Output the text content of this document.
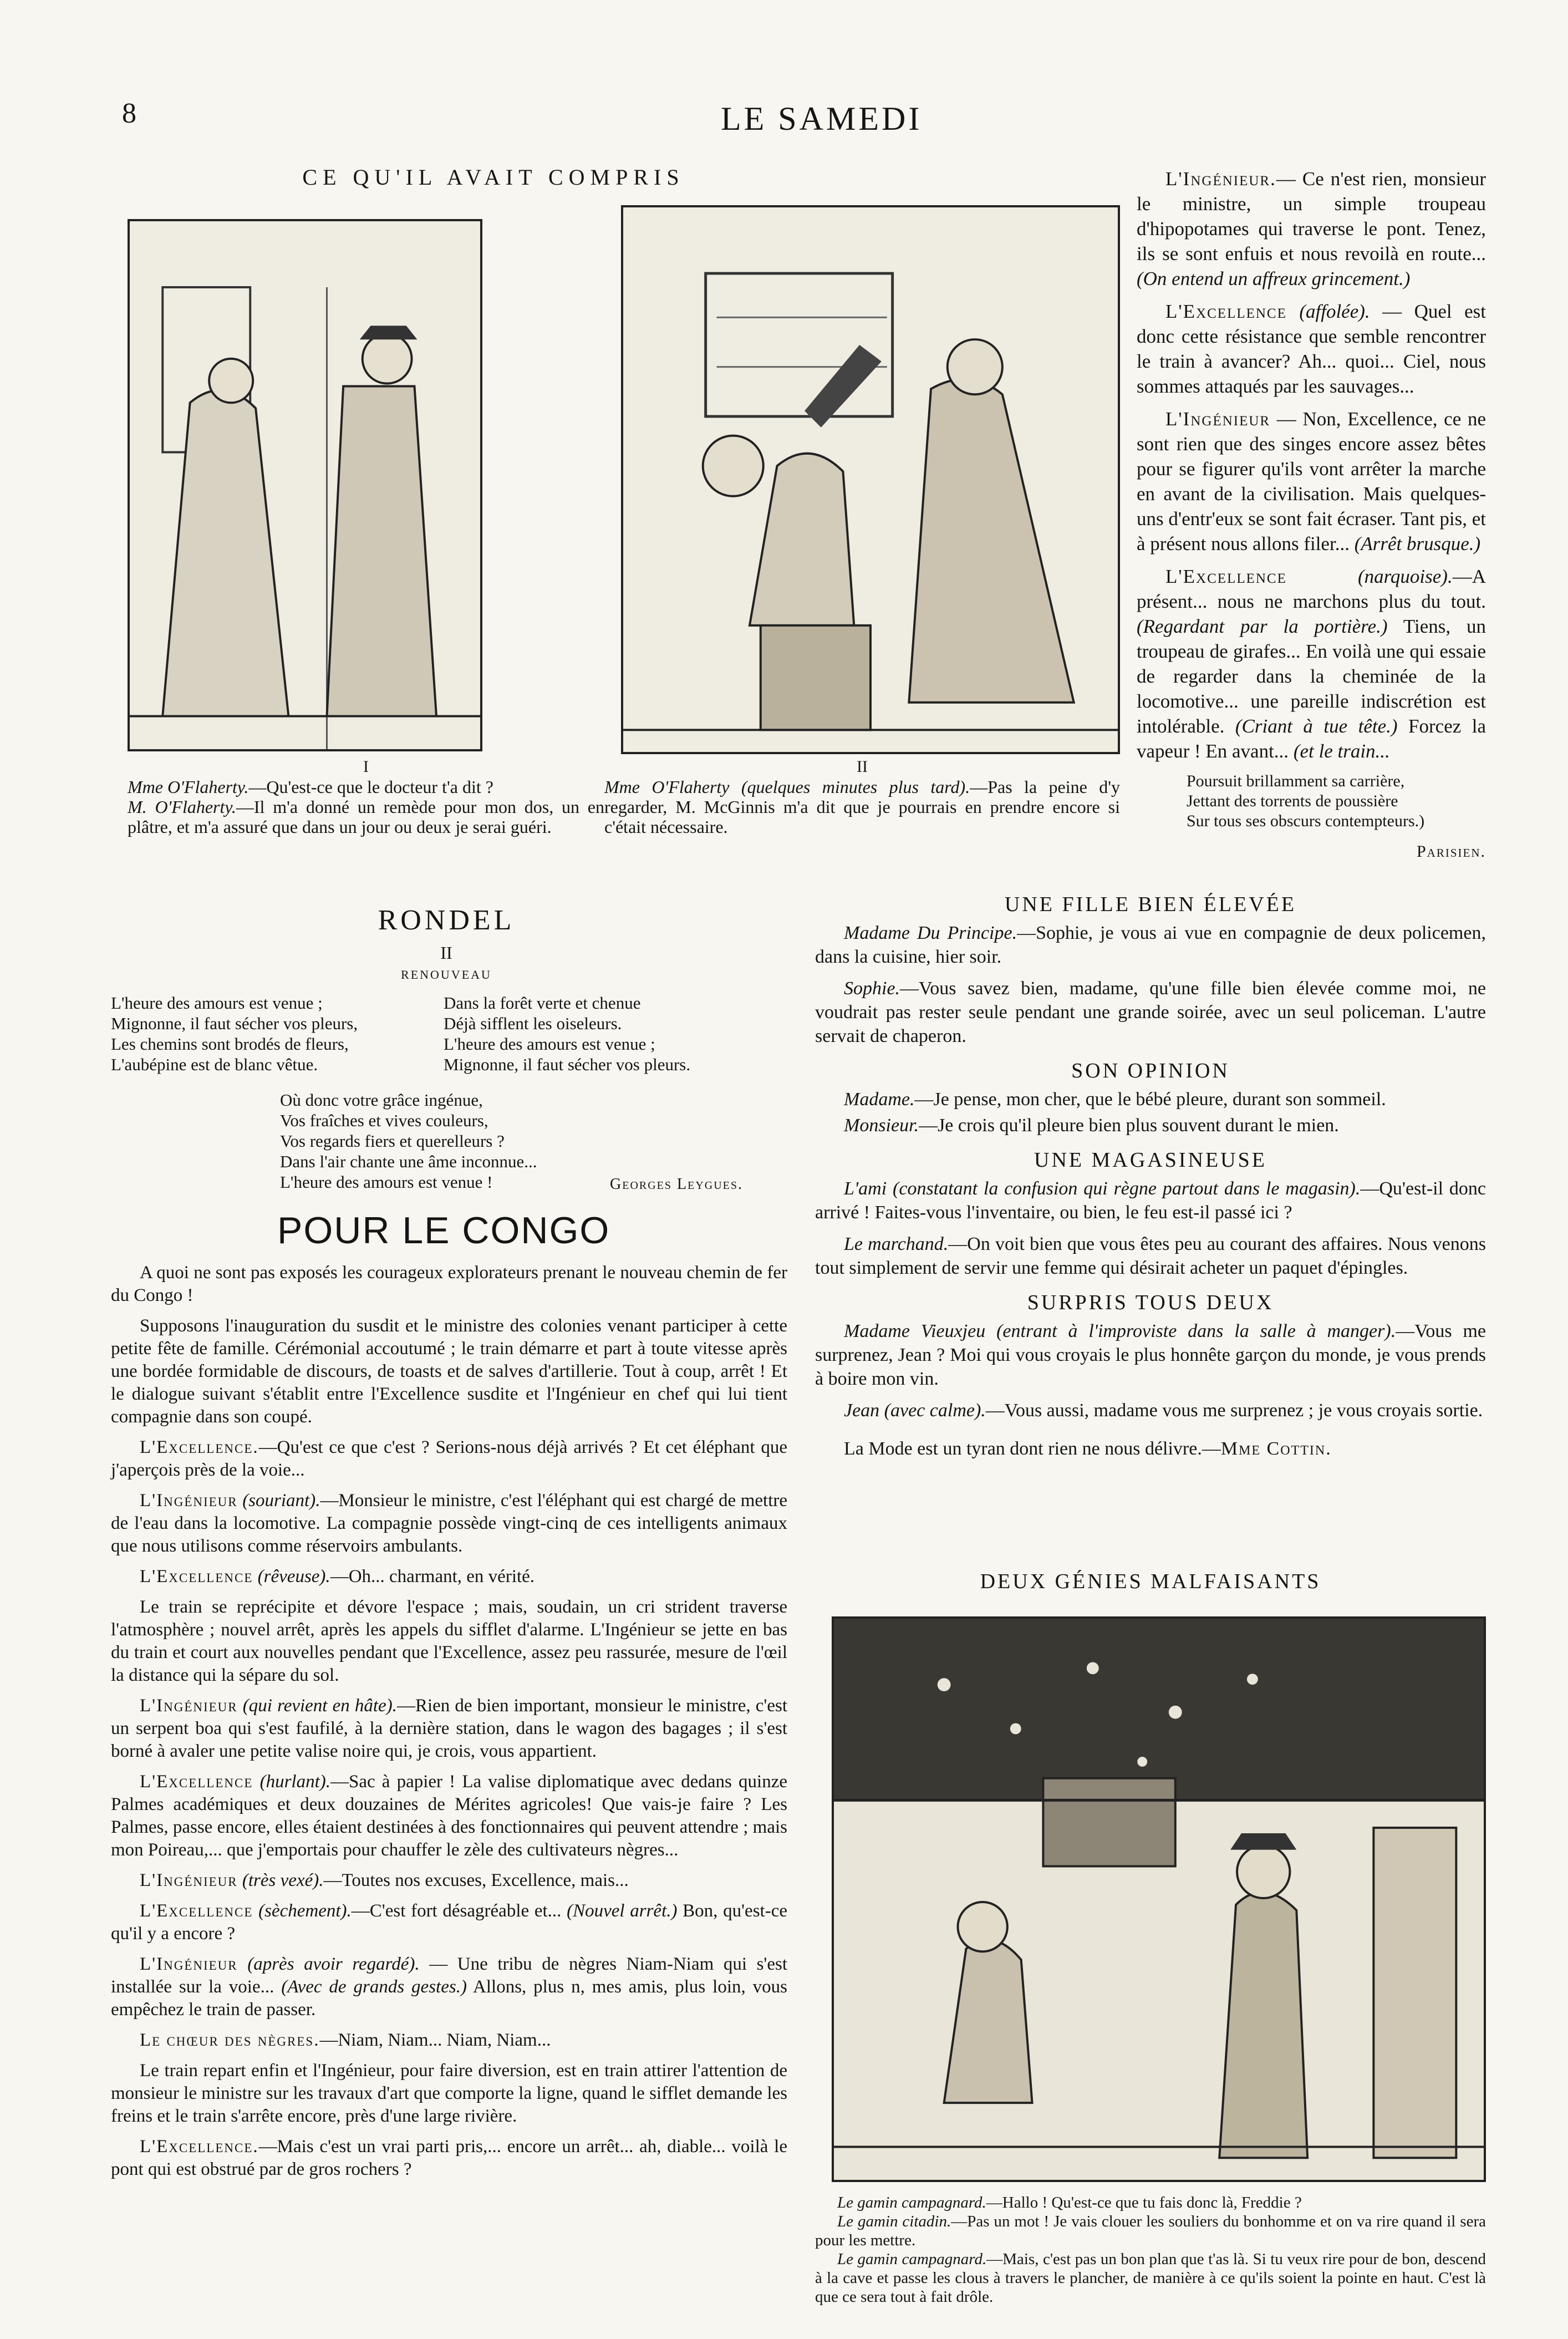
8	LE SAMEDI
CE QU'IL AVAIT COMPRIS
I
Mme O'Flaherty.—Qu'est-ce que le docteur t'a dit ?
M. O'Flaherty.—Il m'a donné un remède pour mon dos, un en plâtre, et m'a assuré que dans un jour ou deux je serai guéri.
II
Mme O'Flaherty (quelques minutes plus tard).—Pas la peine d'y regarder, M. McGinnis m'a dit que je pourrais en prendre encore si c'était nécessaire.

L'Ingénieur.— Ce n'est rien, monsieur le ministre, un simple troupeau d'hipopotames qui traverse le pont. Tenez, ils se sont enfuis et nous revoilà en route... (On entend un affreux grincement.)

L'Excellence (affolée). — Quel est donc cette résistance que semble rencontrer le train à avancer? Ah... quoi... Ciel, nous sommes attaqués par les sauvages...

L'Ingénieur — Non, Excellence, ce ne sont rien que des singes encore assez bêtes pour se figurer qu'ils vont arrêter la marche en avant de la civilisation. Mais quelques-uns d'entr'eux se sont fait écraser. Tant pis, et à présent nous allons filer... (Arrêt brusque.)

L'Excellence	(narquoise).—A présent... nous ne marchons plus du tout. (Regardant par la portière.) Tiens, un troupeau de girafes... En voilà une qui essaie de regarder dans la cheminée de la locomotive... une pareille indiscrétion est intolérable. (Criant à tue tête.) Forcez la vapeur ! En avant... (et le train...

Poursuit brillamment sa carrière,
Jettant des torrents de poussière
Sur tous ses obscurs contempteurs.)
Parisien.
RONDEL
II
RENOUVEAU
L'heure des amours est venue ;
Mignonne, il faut sécher vos pleurs,
Les chemins sont brodés de fleurs,
L'aubépine est de blanc vêtue.
Dans la forêt verte et chenue
Déjà sifflent les oiseleurs.
L'heure des amours est venue ;
Mignonne, il faut sécher vos pleurs.
Où donc votre grâce ingénue,
Vos fraîches et vives couleurs,
Vos regards fiers et querelleurs ?
Dans l'air chante une âme inconnue...
L'heure des amours est venue !	Georges Leygues.
POUR LE CONGO

A quoi ne sont pas exposés les courageux explorateurs prenant le nouveau chemin de fer du Congo !

Supposons l'inauguration du susdit et le ministre des colonies venant participer à cette petite fête de famille. Cérémonial accoutumé ; le train démarre et part à toute vitesse après une bordée formidable de discours, de toasts et de salves d'artillerie. Tout à coup, arrêt ! Et le dialogue suivant s'établit entre l'Excellence susdite et l'Ingénieur en chef qui lui tient compagnie dans son coupé.

L'Excellence.—Qu'est ce que c'est ? Serions-nous déjà arrivés ? Et cet éléphant que j'aperçois près de la voie...

L'Ingénieur (souriant).—Monsieur le ministre, c'est l'éléphant qui est chargé de mettre de l'eau dans la locomotive. La compagnie possède vingt-cinq de ces intelligents animaux que nous utilisons comme réservoirs ambulants.

L'Excellence (rêveuse).—Oh... charmant, en vérité.

Le train se reprécipite et dévore l'espace ; mais, soudain, un cri strident traverse l'atmosphère ; nouvel arrêt, après les appels du sifflet d'alarme. L'Ingénieur se jette en bas du train et court aux nouvelles pendant que l'Excellence, assez peu rassurée, mesure de l'œil la distance qui la sépare du sol.

L'Ingénieur (qui revient en hâte).—Rien de bien important, monsieur le ministre, c'est un serpent boa qui s'est faufilé, à la dernière station, dans le wagon des bagages ; il s'est borné à avaler une petite valise noire qui, je crois, vous appartient.

L'Excellence (hurlant).—Sac à papier ! La valise diplomatique avec dedans quinze Palmes académiques et deux douzaines de Mérites agricoles! Que vais-je faire ? Les Palmes, passe encore, elles étaient destinées à des fonctionnaires qui peuvent attendre ; mais mon Poireau,... que j'emportais pour chauffer le zèle des cultivateurs nègres...

L'Ingénieur (très vexé).—Toutes nos excuses, Excellence, mais...

L'Excellence (sèchement).—C'est fort désagréable et... (Nouvel arrêt.) Bon, qu'est-ce qu'il y a encore ?

L'Ingénieur (après avoir regardé). — Une tribu de nègres Niam-Niam qui s'est installée sur la voie... (Avec de grands gestes.) Allons, plus n, mes amis, plus loin, vous empêchez le train de passer.

Le chœur des nègres.—Niam, Niam... Niam, Niam...

Le train repart enfin et l'Ingénieur, pour faire diversion, est en train attirer l'attention de monsieur le ministre sur les travaux d'art que comporte la ligne, quand le sifflet demande les freins et le train s'arrête encore, près d'une large rivière.

L'Excellence.—Mais c'est un vrai parti pris,... encore un arrêt... ah, diable... voilà le pont qui est obstrué par de gros rochers ?

UNE FILLE BIEN ÉLEVÉE

Madame Du Principe.—Sophie, je vous ai vue en compagnie de deux policemen, dans la cuisine, hier soir.

Sophie.—Vous savez bien, madame, qu'une fille bien élevée comme moi, ne voudrait pas rester seule pendant une grande soirée, avec un seul policeman. L'autre servait de chaperon.

SON OPINION

Madame.—Je pense, mon cher, que le bébé pleure, durant son sommeil.

Monsieur.—Je crois qu'il pleure bien plus souvent durant le mien.

UNE MAGASINEUSE

L'ami (constatant la confusion qui règne partout dans le magasin).—Qu'est-il donc arrivé ! Faites-vous l'inventaire, ou bien, le feu est-il passé ici ?

Le marchand.—On voit bien que vous êtes peu au courant des affaires. Nous venons tout simplement de servir une femme qui désirait acheter un paquet d'épingles.

SURPRIS TOUS DEUX

Madame Vieuxjeu (entrant à l'improviste dans la salle à manger).—Vous me surprenez, Jean ? Moi qui vous croyais le plus honnête garçon du monde, je vous prends à boire mon vin.

Jean (avec calme).—Vous aussi, madame vous me surprenez ; je vous croyais sortie.

La Mode est un tyran dont rien ne nous délivre.—Mme Cottin.

DEUX GÉNIES MALFAISANTS
Le gamin campagnard.—Hallo ! Qu'est-ce que tu fais donc là, Freddie ?
Le gamin citadin.—Pas un mot ! Je vais clouer les souliers du bonhomme et on va rire quand il sera pour les mettre.
Le gamin campagnard.—Mais, c'est pas un bon plan que t'as là. Si tu veux rire pour de bon, descend à la cave et passe les clous à travers le plancher, de manière à ce qu'ils soient la pointe en haut. C'est là que ce sera tout à fait drôle.
